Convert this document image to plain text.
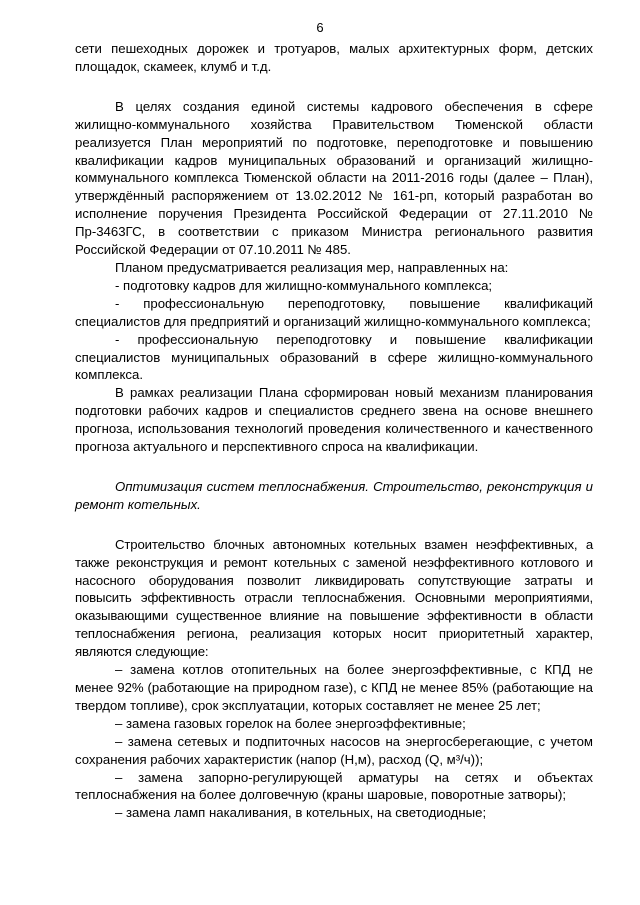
6

сети пешеходных дорожек и тротуаров, малых архитектурных форм, детских площадок, скамеек, клумб и т.д.

В целях создания единой системы кадрового обеспечения в сфере жилищно-коммунального хозяйства Правительством Тюменской области реализуется План мероприятий по подготовке, переподготовке и повышению квалификации кадров муниципальных образований и организаций жилищно-коммунального комплекса Тюменской области на 2011-2016 годы (далее – План), утверждённый распоряжением от 13.02.2012 № 161-рп, который разработан во исполнение поручения Президента Российской Федерации от 27.11.2010 № Пр-3463ГС, в соответствии с приказом Министра регионального развития Российской Федерации от 07.10.2011 № 485.

Планом предусматривается реализация мер, направленных на:

- подготовку кадров для жилищно-коммунального комплекса;

- профессиональную переподготовку, повышение квалификаций специалистов для предприятий и организаций жилищно-коммунального комплекса;

- профессиональную переподготовку и повышение квалификации специалистов муниципальных образований в сфере жилищно-коммунального комплекса.

В рамках реализации Плана сформирован новый механизм планирования подготовки рабочих кадров и специалистов среднего звена на основе внешнего прогноза, использования технологий проведения количественного и качественного прогноза актуального и перспективного спроса на квалификации.

Оптимизация систем теплоснабжения. Строительство, реконструкция и ремонт котельных.

Строительство блочных автономных котельных взамен неэффективных, а также реконструкция и ремонт котельных с заменой неэффективного котлового и насосного оборудования позволит ликвидировать сопутствующие затраты и повысить эффективность отрасли теплоснабжения. Основными мероприятиями, оказывающими существенное влияние на повышение эффективности в области теплоснабжения региона, реализация которых носит приоритетный характер, являются следующие:

– замена котлов отопительных на более энергоэффективные, с КПД не менее 92% (работающие на природном газе), с КПД не менее 85% (работающие на твердом топливе), срок эксплуатации, которых составляет не менее 25 лет;

– замена газовых горелок на более энергоэффективные;

– замена сетевых и подпиточных насосов на энергосберегающие, с учетом сохранения рабочих характеристик (напор (Н,м), расход (Q, м³/ч));

– замена запорно-регулирующей арматуры на сетях и объектах теплоснабжения на более долговечную (краны шаровые, поворотные затворы);

– замена ламп накаливания, в котельных, на светодиодные;
